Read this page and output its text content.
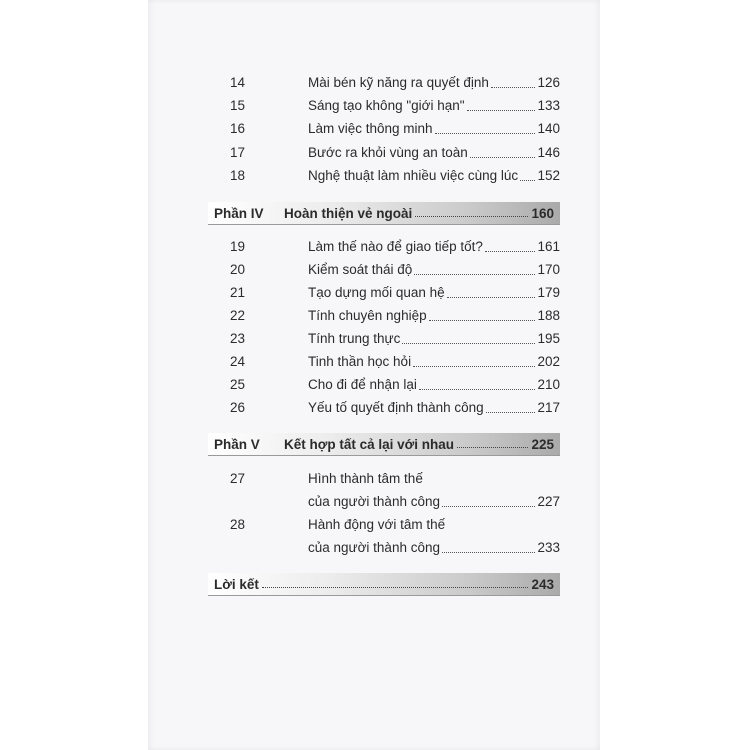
14	Mài bén kỹ năng ra quyết định	126
15	Sáng tạo không "giới hạn"	133
16	Làm việc thông minh	140
17	Bước ra khỏi vùng an toàn	146
18	Nghệ thuật làm nhiều việc cùng lúc 152
Phần IV Hoàn thiện vẻ ngoài	160
19	Làm thế nào để giao tiếp tốt?	161
20	Kiểm soát thái độ	170
21	Tạo dựng mối quan hệ	179
22	Tính chuyên nghiệp	188
23	Tính trung thực	195
24	Tinh thần học hỏi	202
25	Cho đi để nhận lại	210
26	Yếu tố quyết định thành công	217
Phần V Kết hợp tất cả lại với nhau	225
27	Hình thành tâm thế
của người thành công	227
28	Hành động với tâm thế
của người thành công	233
Lời kết	243
